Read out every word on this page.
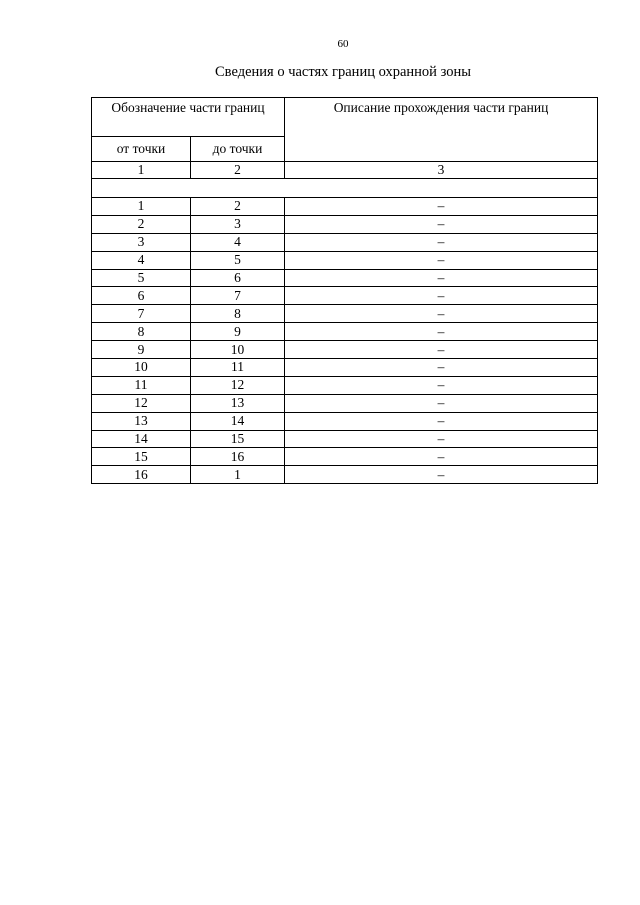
60
Сведения о частях границ охранной зоны
Обозначение части границ		Описание прохождения части границ
от точки	до точки	
1	2	3

1	2	–
2	3	–
3	4	–
4	5	–
5	6	–
6	7	–
7	8	–
8	9	–
9	10	–
10	11	–
11	12	–
12	13	–
13	14	–
14	15	–
15	16	–
16	1	–
